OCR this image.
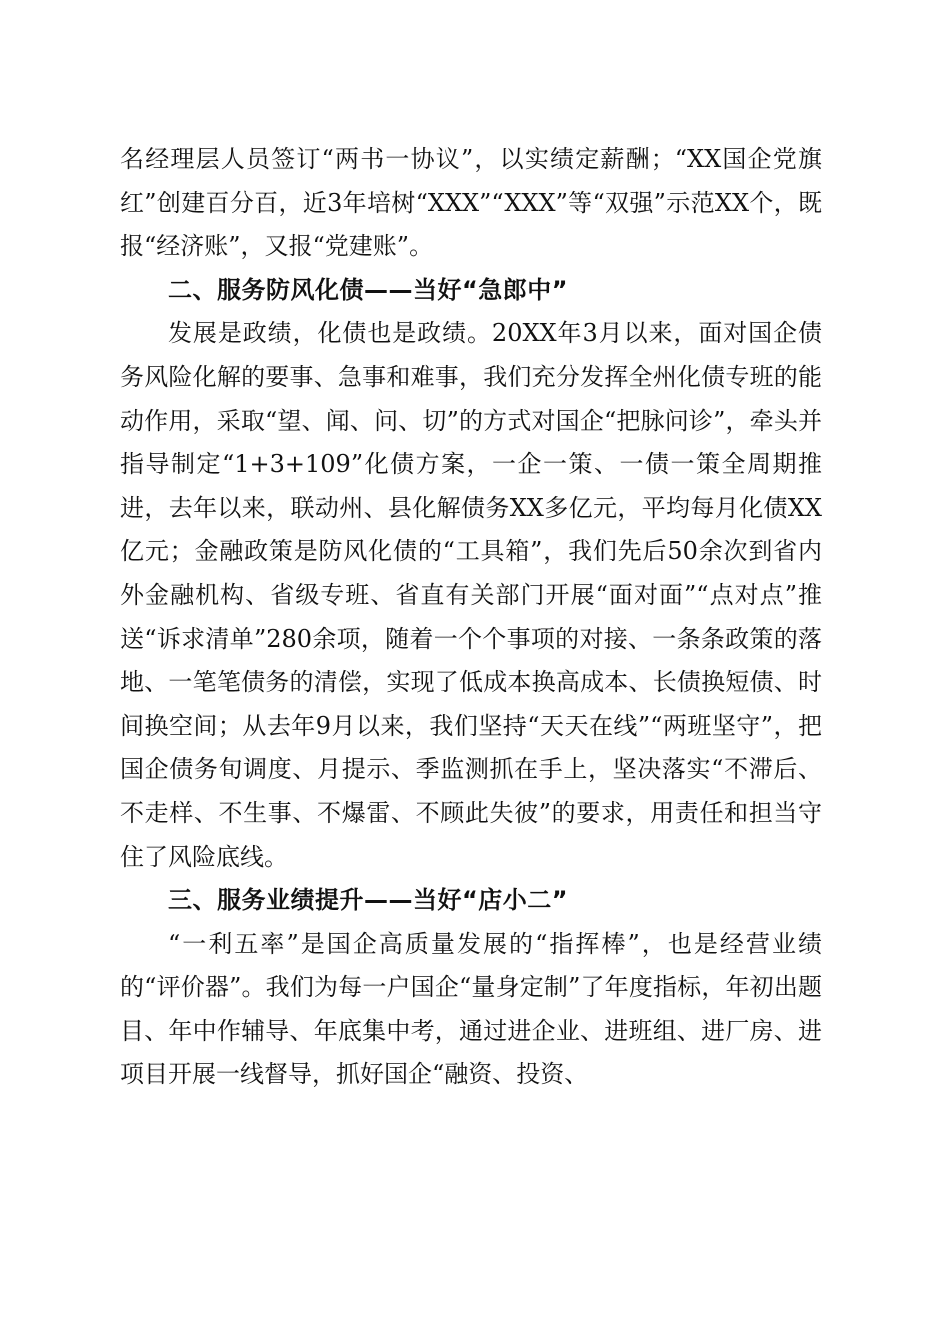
名经理层人员签订“两书一协议”，以实绩定薪酬；“XX国企党旗红”创建百分百，近3年培树“XXX”“XXX”等“双强”示范XX个，既报“经济账”，又报“党建账”。

二、服务防风化债——当好“急郎中”

发展是政绩，化债也是政绩。20XX年3月以来，面对国企债务风险化解的要事、急事和难事，我们充分发挥全州化债专班的能动作用，采取“望、闻、问、切”的方式对国企“把脉问诊”，牵头并指导制定“1+3+109”化债方案，一企一策、一债一策全周期推进，去年以来，联动州、县化解债务XX多亿元，平均每月化债XX亿元；金融政策是防风化债的“工具箱”，我们先后50余次到省内外金融机构、省级专班、省直有关部门开展“面对面”“点对点”推送“诉求清单”280余项，随着一个个事项的对接、一条条政策的落地、一笔笔债务的清偿，实现了低成本换高成本、长债换短债、时间换空间；从去年9月以来，我们坚持“天天在线”“两班坚守”，把国企债务旬调度、月提示、季监测抓在手上，坚决落实“不滞后、不走样、不生事、不爆雷、不顾此失彼”的要求，用责任和担当守住了风险底线。

三、服务业绩提升——当好“店小二”

“一利五率”是国企高质量发展的“指挥棒”，也是经营业绩的“评价器”。我们为每一户国企“量身定制”了年度指标，年初出题目、年中作辅导、年底集中考，通过进企业、进班组、进厂房、进项目开展一线督导，抓好国企“融资、投资、
